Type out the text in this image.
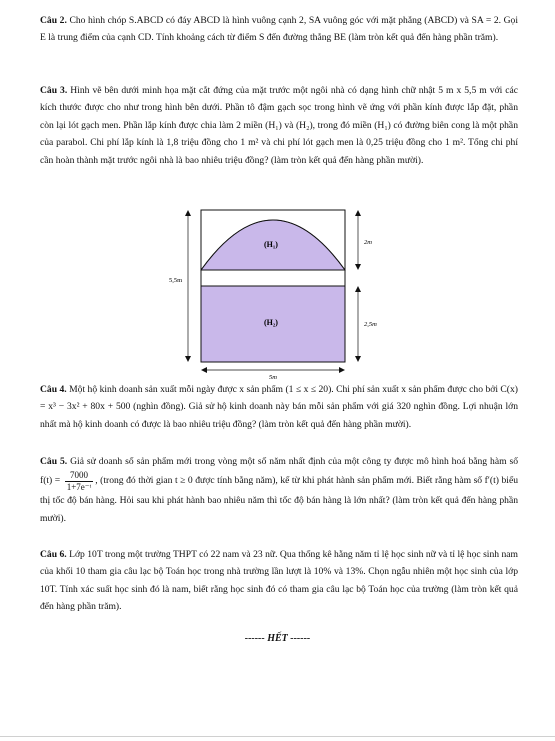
Câu 2. Cho hình chóp S.ABCD có đáy ABCD là hình vuông cạnh 2, SA vuông góc với mặt phẳng (ABCD) và SA = 2. Gọi E là trung điểm của cạnh CD. Tính khoảng cách từ điểm S đến đường thẳng BE (làm tròn kết quả đến hàng phần trăm).
Câu 3. Hình vẽ bên dưới minh họa mặt cắt đứng của mặt trước một ngôi nhà có dạng hình chữ nhật 5 m x 5,5 m với các kích thước được cho như trong hình bên dưới. Phần tô đậm gạch sọc trong hình vẽ ứng với phần kính được lắp đặt, phần còn lại lót gạch men. Phần lắp kính được chia làm 2 miền (H₁) và (H₂), trong đó miền (H₁) có đường biên cong là một phần của parabol. Chi phí lắp kính là 1,8 triệu đồng cho 1 m² và chi phí lót gạch men là 0,25 triệu đồng cho 1 m². Tổng chi phí cần hoàn thành mặt trước ngôi nhà là bao nhiêu triệu đồng? (làm tròn kết quả đến hàng phần mười).
5,5m
2m
2,5m
5m
(H₁)
(H₂)
Câu 4. Một hộ kinh doanh sản xuất mỗi ngày được x sản phẩm (1 ≤ x ≤ 20). Chi phí sản xuất x sản phẩm được cho bởi C(x) = x³ − 3x² + 80x + 500 (nghìn đồng). Giả sử hộ kinh doanh này bán mỗi sản phẩm với giá 320 nghìn đồng. Lợi nhuận lớn nhất mà hộ kinh doanh có được là bao nhiêu triệu đồng? (làm tròn kết quả đến hàng phần mười).
Câu 5. Giả sử doanh số sản phẩm mới trong vòng một số năm nhất định của một công ty được mô hình hoá bằng hàm số $f(t) = \frac{7000}{\text{1+7e⁻ᵗ}}$ , (trong đó thời gian t ≥ 0 được tính bằng năm), kể từ khi phát hành sản phẩm mới. Biết rằng hàm số f′(t) biểu thị tốc độ bán hàng. Hỏi sau khi phát hành bao nhiêu năm thì tốc độ bán hàng là lớn nhất? (làm tròn kết quả đến hàng phần mười).
Câu 6. Lớp 10T trong một trường THPT có 22 nam và 23 nữ. Qua thống kê hằng năm tỉ lệ học sinh nữ và tỉ lệ học sinh nam của khối 10 tham gia câu lạc bộ Toán học trong nhà trường lần lượt là 10% và 13%. Chọn ngẫu nhiên một học sinh của lớp 10T. Tính xác suất học sinh đó là nam, biết rằng học sinh đó có tham gia câu lạc bộ Toán học của trường (làm tròn kết quả đến hàng phần trăm).
------ HẾT ------
